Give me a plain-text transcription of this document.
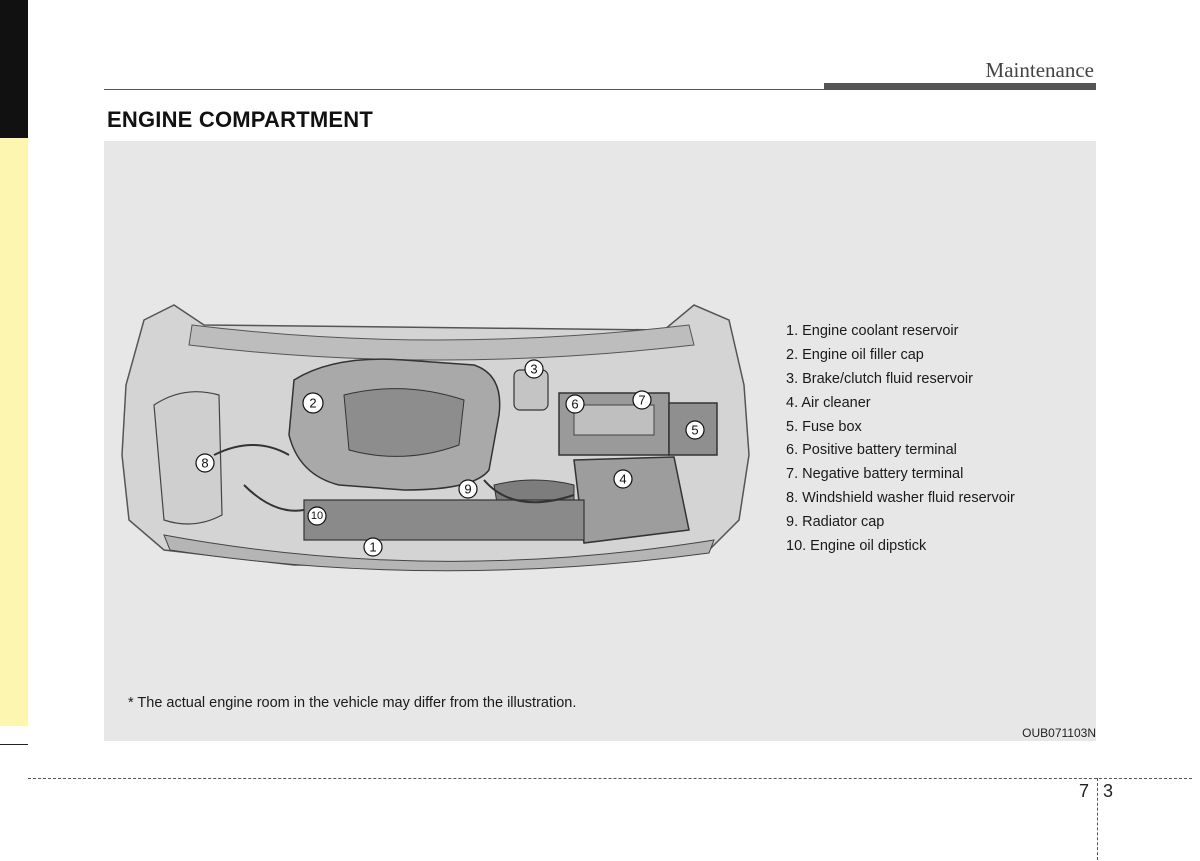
Maintenance
ENGINE COMPARTMENT
1
2
3
4
5
6	7
8
9
10
1. Engine coolant reservoir
2. Engine oil filler cap
3. Brake/clutch fluid reservoir
4. Air cleaner
5. Fuse box
6. Positive battery terminal
7. Negative battery terminal
8. Windshield washer fluid reservoir
9. Radiator cap
10. Engine oil dipstick
* The actual engine room in the vehicle may differ from the illustration.
OUB071103N
7 3
